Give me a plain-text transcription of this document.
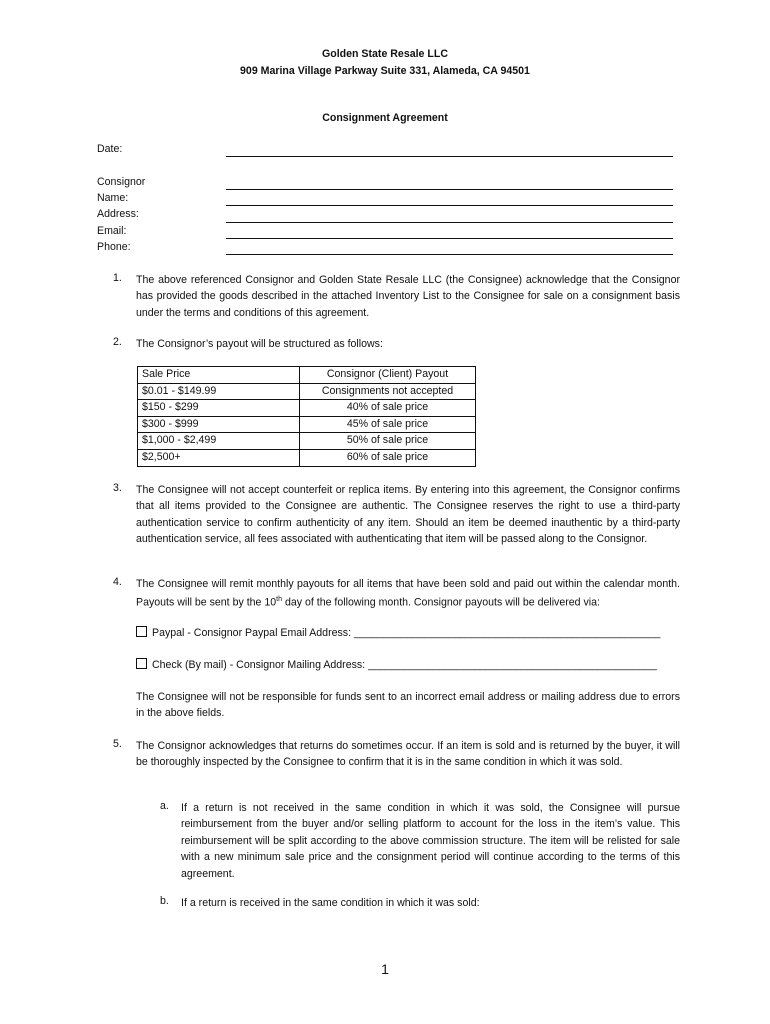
Golden State Resale LLC
909 Marina Village Parkway Suite 331, Alameda, CA 94501
Consignment Agreement
Date:
Consignor
Name:
Address:
Email:
Phone:
1. The above referenced Consignor and Golden State Resale LLC (the Consignee) acknowledge that the Consignor has provided the goods described in the attached Inventory List to the Consignee for sale on a consignment basis under the terms and conditions of this agreement.
2. The Consignor’s payout will be structured as follows:
Sale Price	Consignor (Client) Payout
$0.01 - $149.99	Consignments not accepted
$150 - $299	40% of sale price
$300 - $999	45% of sale price
$1,000 - $2,499	50% of sale price
$2,500+	60% of sale price
3. The Consignee will not accept counterfeit or replica items. By entering into this agreement, the Consignor confirms that all items provided to the Consignee are authentic. The Consignee reserves the right to use a third-party authentication service to confirm authenticity of any item. Should an item be deemed inauthentic by a third-party authentication service, all fees associated with authenticating that item will be passed along to the Consignor.
4. The Consignee will remit monthly payouts for all items that have been sold and paid out within the calendar month. Payouts will be sent by the 10th day of the following month. Consignor payouts will be delivered via:
Paypal - Consignor Paypal Email Address: ____________________________________________________
Check (By mail) - Consignor Mailing Address: _________________________________________________
The Consignee will not be responsible for funds sent to an incorrect email address or mailing address due to errors in the above fields.
5. The Consignor acknowledges that returns do sometimes occur. If an item is sold and is returned by the buyer, it will be thoroughly inspected by the Consignee to confirm that it is in the same condition in which it was sold.
a. If a return is not received in the same condition in which it was sold, the Consignee will pursue reimbursement from the buyer and/or selling platform to account for the loss in the item’s value. This reimbursement will be split according to the above commission structure. The item will be relisted for sale with a new minimum sale price and the consignment period will continue according to the terms of this agreement.
b. If a return is received in the same condition in which it was sold:
1
